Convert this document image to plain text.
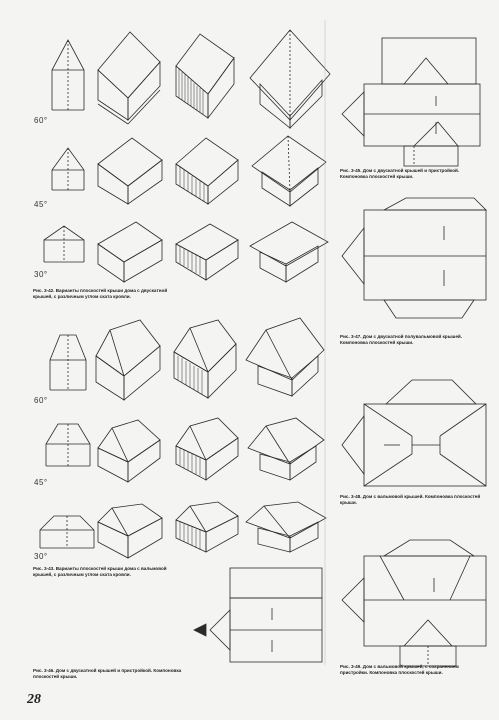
60°
45°
30°
60°
45°
30°
Рис. 3-42. Варианты плоскостей крыши дома с двускатной крышей, с различным углом ската кровли.
Рис. 3-43. Варианты плоскостей крыши дома с вальмовой крышей, с различным углом ската кровли.
Рис. 3-46. Дом с двускатной крышей и пристройкой. Компоновка плоскостей крыши.
Рис. 3-45. Дом с двускатной крышей и пристройкой. Компоновка плоскостей крыши.
Рис. 3-47. Дом с двускатной полувальмовой крышей. Компоновка плоскостей крыши.
Рис. 3-48. Дом с вальмовой крышей. Компоновка плоскостей крыши.
Рис. 3-49. Дом с вальмовой крышей, с сохранением пристройки. Компоновка плоскостей крыши.
28
